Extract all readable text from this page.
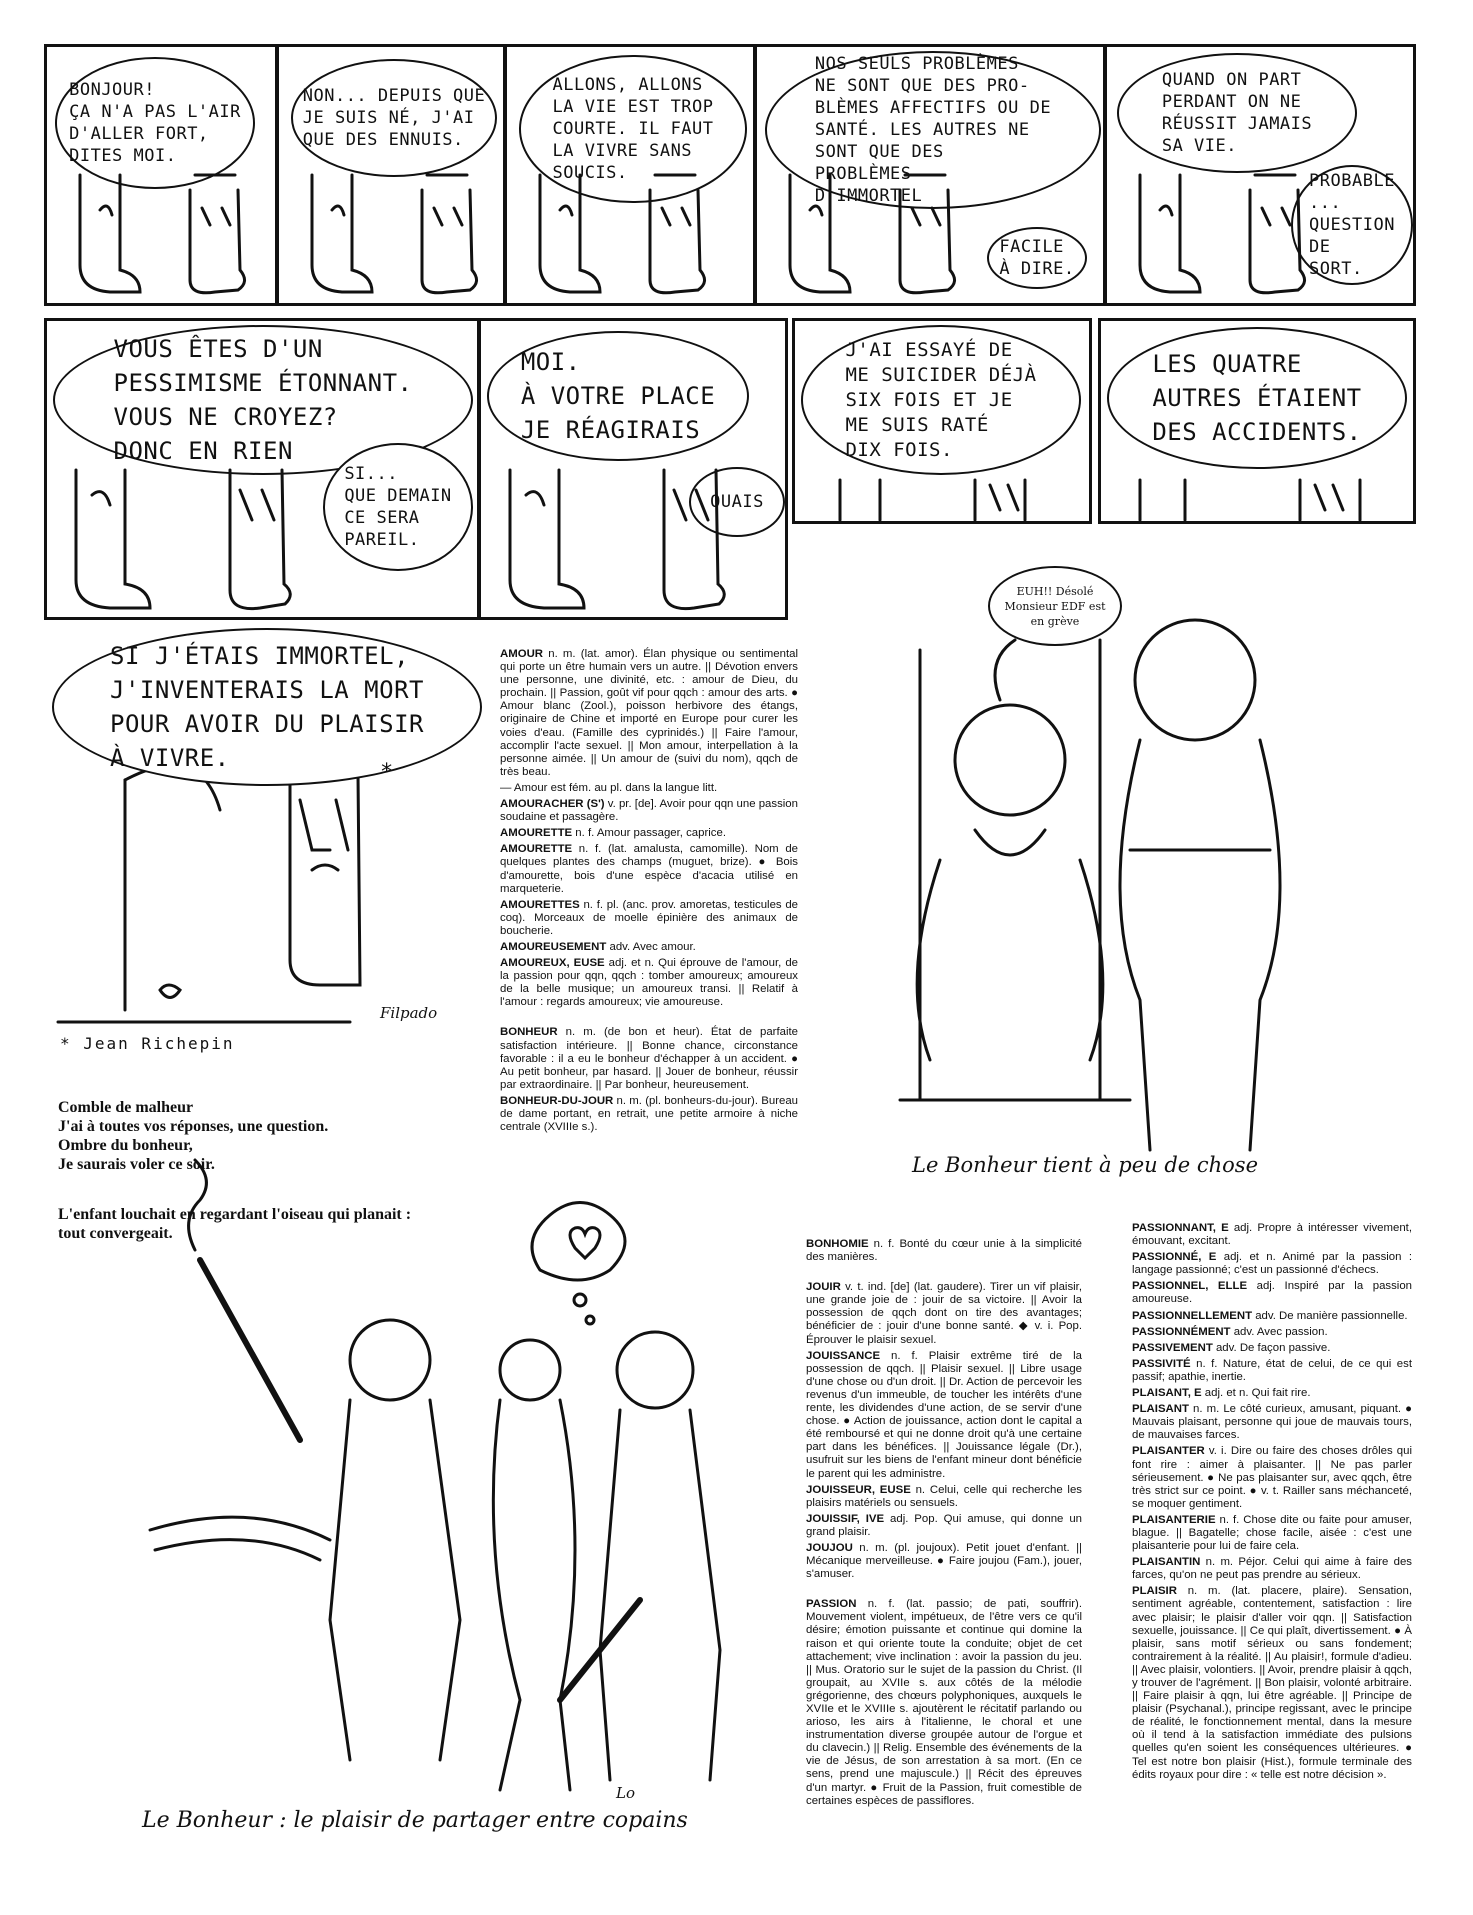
BONJOUR!
ÇA N'A PAS L'AIR
D'ALLER FORT,
DITES MOI.
NON... DEPUIS QUE
JE SUIS NÉ, J'AI
QUE DES ENNUIS.
ALLONS, ALLONS
LA VIE EST TROP
COURTE. IL FAUT
LA VIVRE SANS
SOUCIS.
NOS SEULS PROBLÈMES
NE SONT QUE DES PRO-
BLÈMES AFFECTIFS OU DE
SANTÉ. LES AUTRES NE
SONT QUE DES
PROBLÈMES
D'IMMORTEL
FACILE
À DIRE.
QUAND ON PART
PERDANT ON NE
RÉUSSIT JAMAIS
SA VIE.
PROBABLE
...
QUESTION
DE
SORT.
VOUS ÊTES D'UN
PESSIMISME ÉTONNANT.
VOUS NE CROYEZ?
DONC EN RIEN
SI...
QUE DEMAIN
CE SERA
PAREIL.
MOI.
À VOTRE PLACE
JE RÉAGIRAIS
OUAIS
J'AI ESSAYÉ DE
ME SUICIDER DÉJÀ
SIX FOIS ET JE
ME SUIS RATÉ
DIX FOIS.
LES QUATRE
AUTRES ÉTAIENT
DES ACCIDENTS.
SI J'ÉTAIS IMMORTEL,
J'INVENTERAIS LA MORT
POUR AVOIR DU PLAISIR
À VIVRE.
*
* Jean Richepin
Filpado
Comble de malheur
J'ai à toutes vos réponses, une question.
Ombre du bonheur,
Je saurais voler ce soir.
L'enfant louchait en regardant l'oiseau qui planait :
tout convergeait.

AMOUR n. m. (lat. amor). Élan physique ou sentimental qui porte un être humain vers un autre. || Dévotion envers une personne, une divinité, etc. : amour de Dieu, du prochain. || Passion, goût vif pour qqch : amour des arts. ● Amour blanc (Zool.), poisson herbivore des étangs, originaire de Chine et importé en Europe pour curer les voies d'eau. (Famille des cyprinidés.) || Faire l'amour, accomplir l'acte sexuel. || Mon amour, interpellation à la personne aimée. || Un amour de (suivi du nom), qqch de très beau.

— Amour est fém. au pl. dans la langue litt.

AMOURACHER (S') v. pr. [de]. Avoir pour qqn une passion soudaine et passagère.

AMOURETTE n. f. Amour passager, caprice.

AMOURETTE n. f. (lat. amalusta, camomille). Nom de quelques plantes des champs (muguet, brize). ● Bois d'amourette, bois d'une espèce d'acacia utilisé en marqueterie.

AMOURETTES n. f. pl. (anc. prov. amoretas, testicules de coq). Morceaux de moelle épinière des animaux de boucherie.

AMOUREUSEMENT adv. Avec amour.

AMOUREUX, EUSE adj. et n. Qui éprouve de l'amour, de la passion pour qqn, qqch : tomber amoureux; amoureux de la belle musique; un amoureux transi. || Relatif à l'amour : regards amoureux; vie amoureuse.

BONHEUR n. m. (de bon et heur). État de parfaite satisfaction intérieure. || Bonne chance, circonstance favorable : il a eu le bonheur d'échapper à un accident. ● Au petit bonheur, par hasard. || Jouer de bonheur, réussir par extraordinaire. || Par bonheur, heureusement.

BONHEUR-DU-JOUR n. m. (pl. bonheurs-du-jour). Bureau de dame portant, en retrait, une petite armoire à niche centrale (XVIIIe s.).

EUH!! Désolé
Monsieur EDF est
en grève
Le Bonheur tient à peu de chose
Le Bonheur : le plaisir de partager entre copains
Lo

BONHOMIE n. f. Bonté du cœur unie à la simplicité des manières.

JOUIR v. t. ind. [de] (lat. gaudere). Tirer un vif plaisir, une grande joie de : jouir de sa victoire. || Avoir la possession de qqch dont on tire des avantages; bénéficier de : jouir d'une bonne santé. ◆ v. i. Pop. Éprouver le plaisir sexuel.

JOUISSANCE n. f. Plaisir extrême tiré de la possession de qqch. || Plaisir sexuel. || Libre usage d'une chose ou d'un droit. || Dr. Action de percevoir les revenus d'un immeuble, de toucher les intérêts d'une rente, les dividendes d'une action, de se servir d'une chose. ● Action de jouissance, action dont le capital a été remboursé et qui ne donne droit qu'à une certaine part dans les bénéfices. || Jouissance légale (Dr.), usufruit sur les biens de l'enfant mineur dont bénéficie le parent qui les administre.

JOUISSEUR, EUSE n. Celui, celle qui recherche les plaisirs matériels ou sensuels.

JOUISSIF, IVE adj. Pop. Qui amuse, qui donne un grand plaisir.

JOUJOU n. m. (pl. joujoux). Petit jouet d'enfant. || Mécanique merveilleuse. ● Faire joujou (Fam.), jouer, s'amuser.

PASSION n. f. (lat. passio; de pati, souffrir). Mouvement violent, impétueux, de l'être vers ce qu'il désire; émotion puissante et continue qui domine la raison et qui oriente toute la conduite; objet de cet attachement; vive inclination : avoir la passion du jeu. || Mus. Oratorio sur le sujet de la passion du Christ. (Il groupait, au XVIIe s. aux côtés de la mélodie grégorienne, des chœurs polyphoniques, auxquels le XVIIe et le XVIIIe s. ajoutèrent le récitatif parlando ou arioso, les airs à l'italienne, le choral et une instrumentation diverse groupée autour de l'orgue et du clavecin.) || Relig. Ensemble des événements de la vie de Jésus, de son arrestation à sa mort. (En ce sens, prend une majuscule.) || Récit des épreuves d'un martyr. ● Fruit de la Passion, fruit comestible de certaines espèces de passiflores.

PASSIONNANT, E adj. Propre à intéresser vivement, émouvant, excitant.

PASSIONNÉ, E adj. et n. Animé par la passion : langage passionné; c'est un passionné d'échecs.

PASSIONNEL, ELLE adj. Inspiré par la passion amoureuse.

PASSIONNELLEMENT adv. De manière passionnelle.

PASSIONNÉMENT adv. Avec passion.

PASSIVEMENT adv. De façon passive.

PASSIVITÉ n. f. Nature, état de celui, de ce qui est passif; apathie, inertie.

PLAISANT, E adj. et n. Qui fait rire.

PLAISANT n. m. Le côté curieux, amusant, piquant. ● Mauvais plaisant, personne qui joue de mauvais tours, de mauvaises farces.

PLAISANTER v. i. Dire ou faire des choses drôles qui font rire : aimer à plaisanter. || Ne pas parler sérieusement. ● Ne pas plaisanter sur, avec qqch, être très strict sur ce point. ● v. t. Railler sans méchanceté, se moquer gentiment.

PLAISANTERIE n. f. Chose dite ou faite pour amuser, blague. || Bagatelle; chose facile, aisée : c'est une plaisanterie pour lui de faire cela.

PLAISANTIN n. m. Péjor. Celui qui aime à faire des farces, qu'on ne peut pas prendre au sérieux.

PLAISIR n. m. (lat. placere, plaire). Sensation, sentiment agréable, contentement, satisfaction : lire avec plaisir; le plaisir d'aller voir qqn. || Satisfaction sexuelle, jouissance. || Ce qui plaît, divertissement. ● À plaisir, sans motif sérieux ou sans fondement; contrairement à la réalité. || Au plaisir!, formule d'adieu. || Avec plaisir, volontiers. || Avoir, prendre plaisir à qqch, y trouver de l'agrément. || Bon plaisir, volonté arbitraire. || Faire plaisir à qqn, lui être agréable. || Principe de plaisir (Psychanal.), principe regissant, avec le principe de réalité, le fonctionnement mental, dans la mesure où il tend à la satisfaction immédiate des pulsions quelles qu'en soient les conséquences ultérieures. ● Tel est notre bon plaisir (Hist.), formule terminale des édits royaux pour dire : « telle est notre décision ».
